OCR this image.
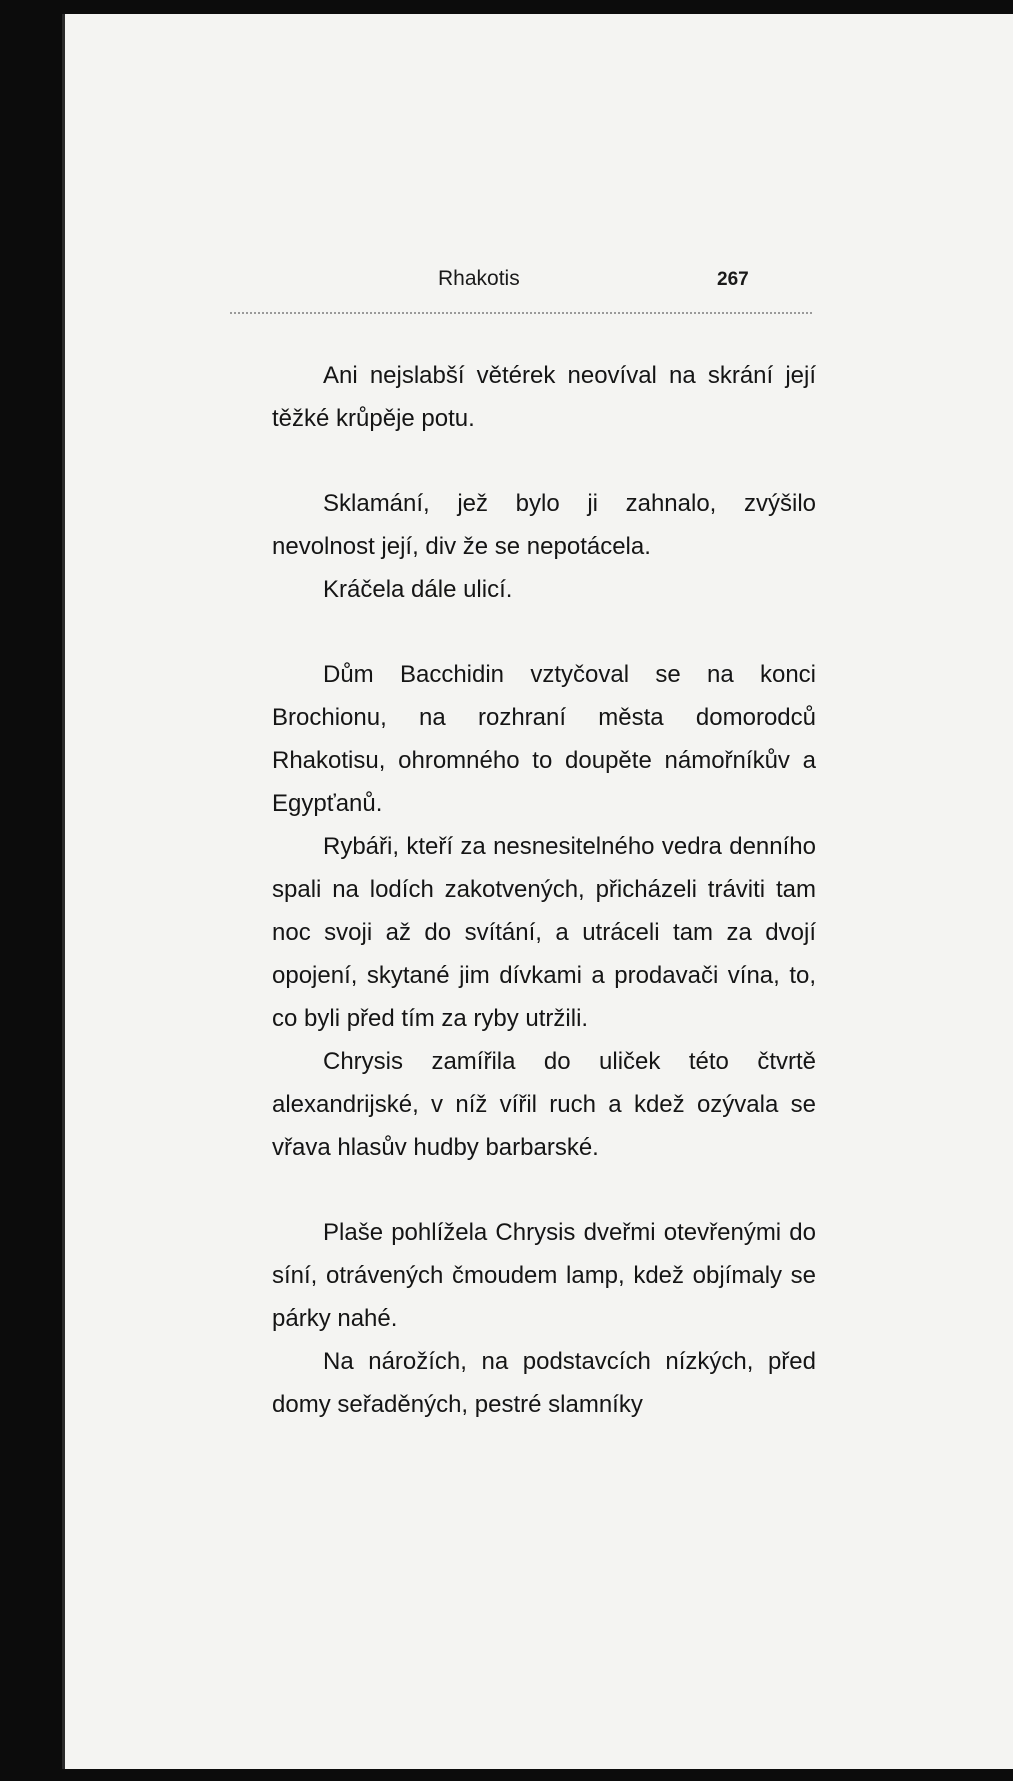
Rhakotis	267

Ani nejslabší větérek neovíval na skrání její těžké krůpěje potu.

Sklamání, jež bylo ji zahnalo, zvýšilo nevolnost její, div že se nepotácela.

Kráčela dále ulicí.

Dům Bacchidin vztyčoval se na konci Brochionu, na rozhraní města domorodců Rhakotisu, ohromného to doupěte námořníkův a Egypťanů.

Rybáři, kteří za nesnesitelného vedra denního spali na lodích zakotvených, přicházeli tráviti tam noc svoji až do svítání, a utráceli tam za dvojí opojení, skytané jim dívkami a prodavači vína, to, co byli před tím za ryby utržili.

Chrysis zamířila do uliček této čtvrtě alexandrijské, v níž vířil ruch a kdež ozývala se vřava hlasův hudby barbarské.

Plaše pohlížela Chrysis dveřmi otevřenými do síní, otrávených čmoudem lamp, kdež objímaly se párky nahé.

Na nárožích, na podstavcích nízkých, před domy seřaděných, pestré slamníky
